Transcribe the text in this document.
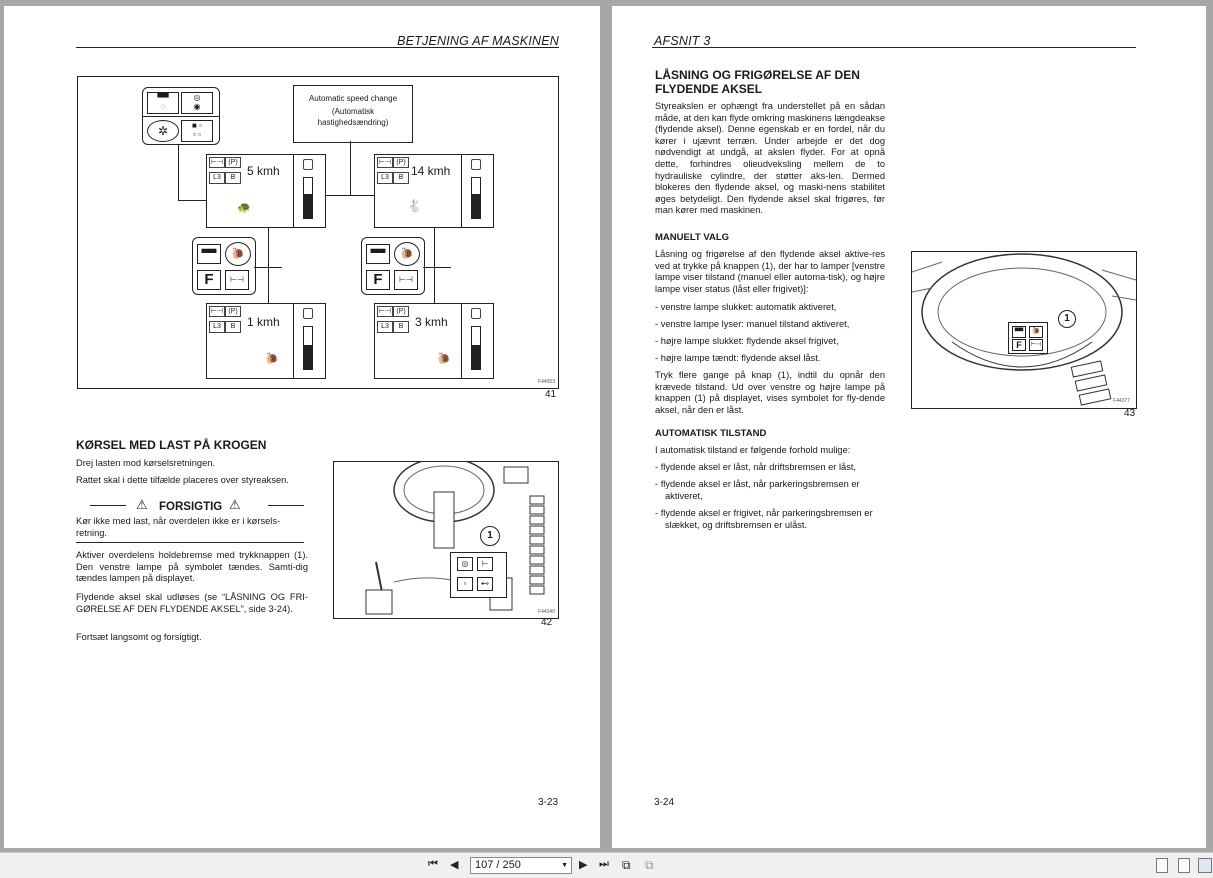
BETJENING AF MASKINEN
▀▀
◌
◎
◉
✲	■ ▫
▫ ▫
Automatic speed change
(Automatisk hastighedsændring)
⊢⊣ (P)
L3	B 5 kmh
🐢
⊢⊣ (P)
L3	B 14 kmh
🐇
▀▀▀	🐌
F	⊢⊣
▀▀▀	🐌
F	⊢⊣
⊢⊣ (P)
L3	B 1 kmh
🐌
⊢⊣ (P)
L3	B 3 kmh
🐌
F44053
41
KØRSEL MED LAST PÅ KROGEN
Drej lasten mod kørselsretningen.
Rattet skal i dette tilfælde placeres over styreaksen.
⚠ FORSIGTIG ⚠
Kør ikke med last, når overdelen ikke er i kørsels-retning.
Aktiver overdelens holdebremse med trykknappen (1). Den venstre lampe på symbolet tændes. Samti-dig tændes lampen på displayet.
Flydende aksel skal udløses (se “LÅSNING OG FRI-GØRELSE AF DEN FLYDENDE AKSEL”, side 3-24).
Fortsæt langsomt og forsigtigt.
◎	⊢
▫	⊷
1
F44340
42
3-23
AFSNIT 3
LÅSNING OG FRIGØRELSE AF DEN FLYDENDE AKSEL
Styreakslen er ophængt fra understellet på en sådan måde, at den kan flyde omkring maskinens længdeakse (flydende aksel). Denne egenskab er en fordel, når du kører i ujævnt terræn. Under arbejde er det dog nødvendigt at undgå, at akslen flyder. For at opnå dette, forhindres olieudveksling mellem de to hydrauliske cylindre, der støtter aks-len. Dermed blokeres den flydende aksel, og maski-nens stabilitet øges betydeligt. Den flydende aksel skal frigøres, før man kører med maskinen.
MANUELT VALG
Låsning og frigørelse af den flydende aksel aktive-res ved at trykke på knappen (1), der har to lamper [venstre lampe viser tilstand (manuel eller automa-tisk), og højre lampe viser status (låst eller frigivet)]:
- venstre lampe slukket: automatik aktiveret,
- venstre lampe lyser: manuel tilstand aktiveret,
- højre lampe slukket: flydende aksel frigivet,
- højre lampe tændt: flydende aksel låst.
Tryk flere gange på knap (1), indtil du opnår den krævede tilstand. Ud over venstre og højre lampe på knappen (1) på displayet, vises symbolet for fly-dende aksel, når den er låst.
AUTOMATISK TILSTAND
I automatisk tilstand er følgende forhold mulige:
- flydende aksel er låst, når driftsbremsen er låst,
- flydende aksel er låst, når parkeringsbremsen er aktiveret,
- flydende aksel er frigivet, når parkeringsbremsen er slækket, og driftsbremsen er ulåst.
▀▀	🐌
F	⊢⊣
1
F44377
43
3-24
⏮ ◀	107 / 250	▼ ▶ ⏭ ⧉ ⧉
